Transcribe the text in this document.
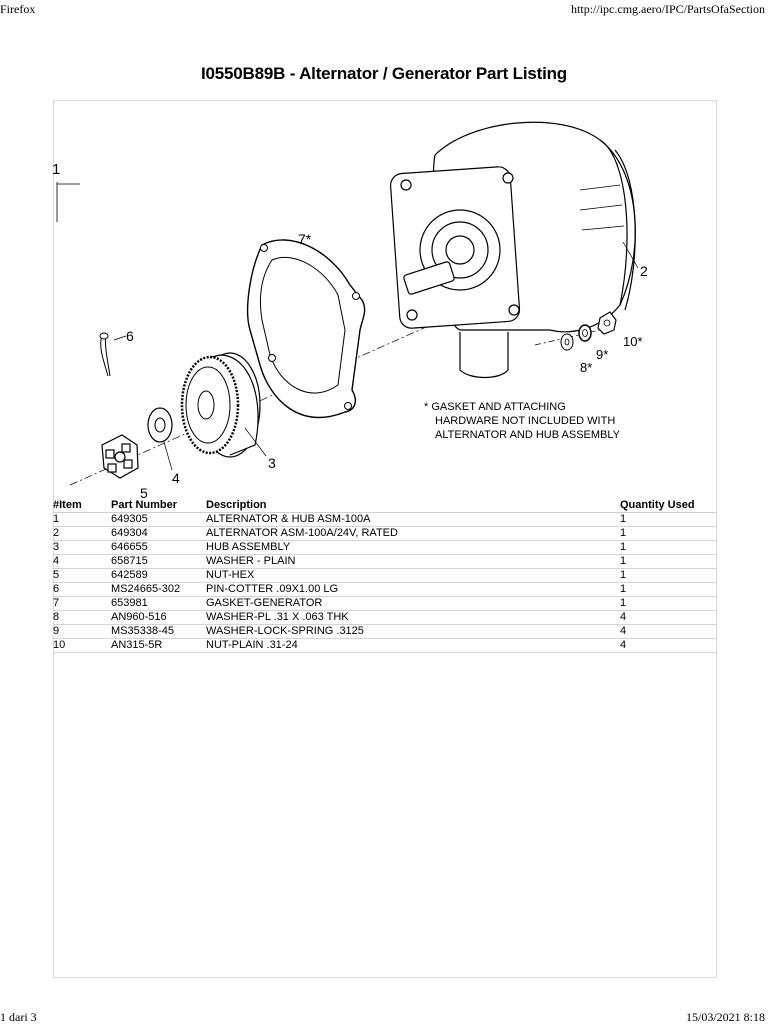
Firefox	http://ipc.cmg.aero/IPC/PartsOfaSection
I0550B89B - Alternator / Generator Part Listing
1
2
8*
9*
10*
7*
6
3
4
5
* GASKET AND ATTACHING
HARDWARE NOT INCLUDED WITH
ALTERNATOR AND HUB ASSEMBLY
#Item	Part Number	Description	Quantity Used
1	649305	ALTERNATOR & HUB ASM-100A	1
2	649304	ALTERNATOR ASM-100A/24V, RATED	1
3	646655	HUB ASSEMBLY	1
4	658715	WASHER - PLAIN	1
5	642589	NUT-HEX	1
6	MS24665-302	PIN-COTTER .09X1.00 LG	1
7	653981	GASKET-GENERATOR	1
8	AN960-516	WASHER-PL .31 X .063 THK	4
9	MS35338-45	WASHER-LOCK-SPRING .3125	4
10	AN315-5R	NUT-PLAIN .31-24	4
1 dari 3	15/03/2021 8:18
